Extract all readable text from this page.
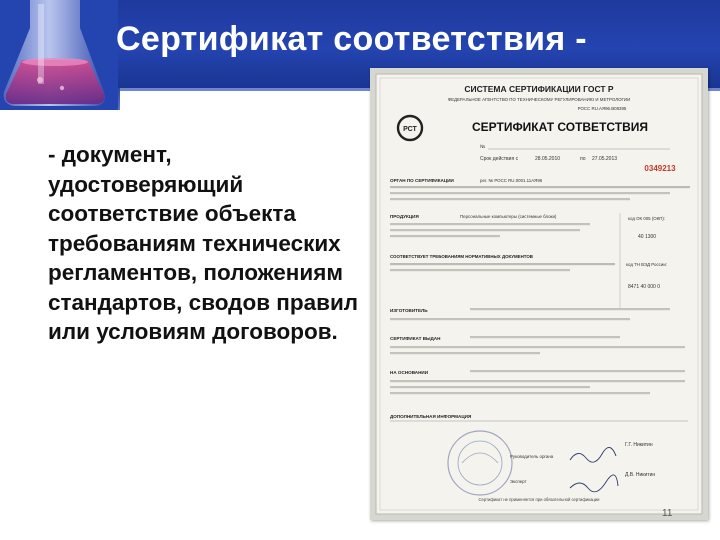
Сертификат соответствия -
- документ, удостоверяющий соответствие объекта требованиям технических регламентов, положениям стандартов, сводов правил или условиям договоров.
СИСТЕМА СЕРТИФИКАЦИИ ГОСТ Р
ФЕДЕРАЛЬНОЕ АГЕНТСТВО ПО ТЕХНИЧЕСКОМУ РЕГУЛИРОВАНИЮ И МЕТРОЛОГИИ
РОСС RU.АЯ96.В08395
РСТ	СЕРТИФИКАТ СОТВЕТСТВИЯ
№
Срок действия с	28.05.2010	по 27.05.2013
0349213
ОРГАН ПО СЕРТИФИКАЦИИ	рег. № РОСС RU.0001.11АЯ96
ПРОДУКЦИЯ	Персональные компьютеры (системные блоки)	код ОК 005 (ОКП):
40 1300
СООТВЕТСТВУЕТ ТРЕБОВАНИЯМ НОРМАТИВНЫХ ДОКУМЕНТОВ
код ТН ВЭД России:
8471 40 000 0
ИЗГОТОВИТЕЛЬ
СЕРТИФИКАТ ВЫДАН
НА ОСНОВАНИИ
ДОПОЛНИТЕЛЬНАЯ ИНФОРМАЦИЯ
Руководитель органа
Г.Г. Никитин
Эксперт
Д.В. Никитин
Сертификат не применяется при обязательной сертификации
11
